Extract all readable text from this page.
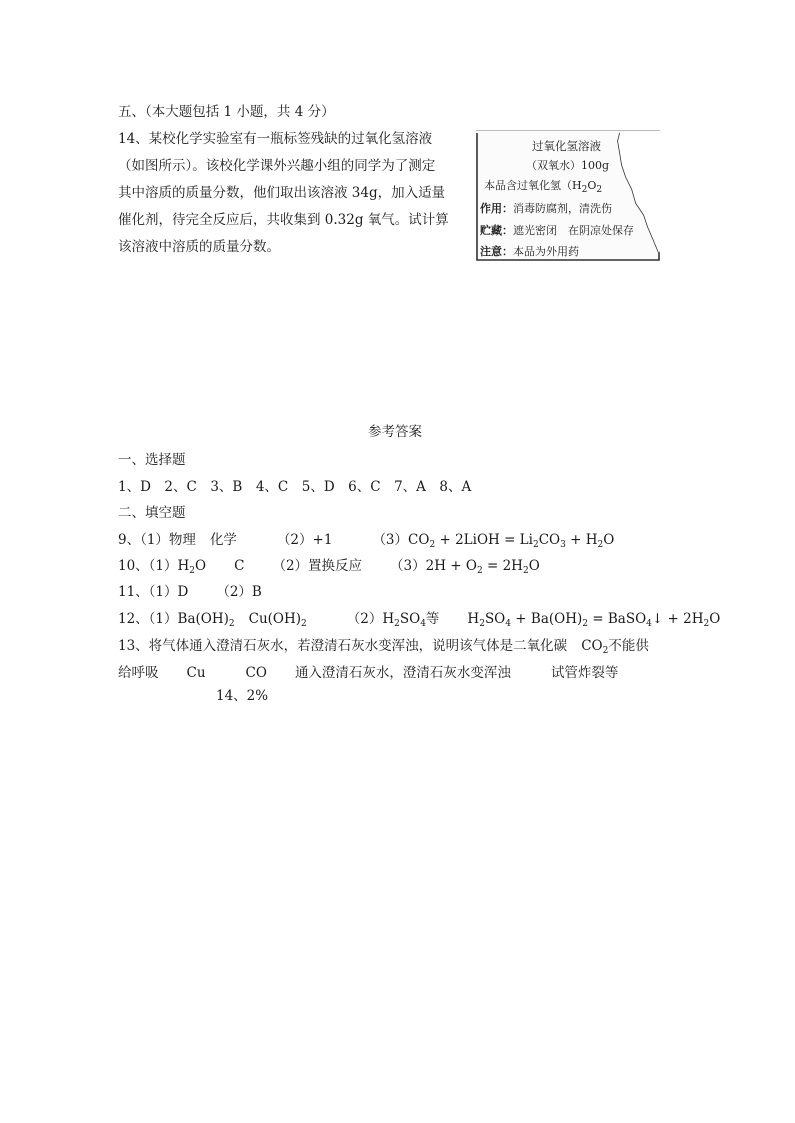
五、（本大题包括 1 小题，共 4 分）
14、某校化学实验室有一瓶标签残缺的过氧化氢溶液
（如图所示）。该校化学课外兴趣小组的同学为了测定
其中溶质的质量分数，他们取出该溶液 34g，加入适量
催化剂，待完全反应后，共收集到 0.32g 氧气。试计算
该溶液中溶质的质量分数。
过氧化氢溶液
（双氧水）100g
本品含过氧化氢（$H_2O_2$
作用：消毒防腐剂，清洗伤
贮藏：遮光密闭　在阴凉处保存
注意：本品为外用药
参考答案
一、选择题
1、D　2、C　3、B　4、C　5、D　6、C　7、A　8、A
二、填空题
9、（1）物理 化学	（2）+1	$(3)CO_2$ + 2LiOH = $Li_2CO_3 + H_2O$
10、$(1)H_2O$ C （2）置换反应 $(3)2H + O_2 = 2H_2O$
11、（1）D （2）B
12、$(1)Ba(OH)_2$ $Cu(OH)_2$	$(2)H_2SO_4$等 $H_2SO_4 + Ba(OH)_2$ = BaSO$_4$↓ + $2H_2O$
13、将气体通入澄清石灰水，若澄清石灰水变浑浊，说明该气体是二氧化碳 $CO_2$不能供
给呼吸 Cu	CO 通入澄清石灰水，澄清石灰水变浑浊	试管炸裂等
14、2%
